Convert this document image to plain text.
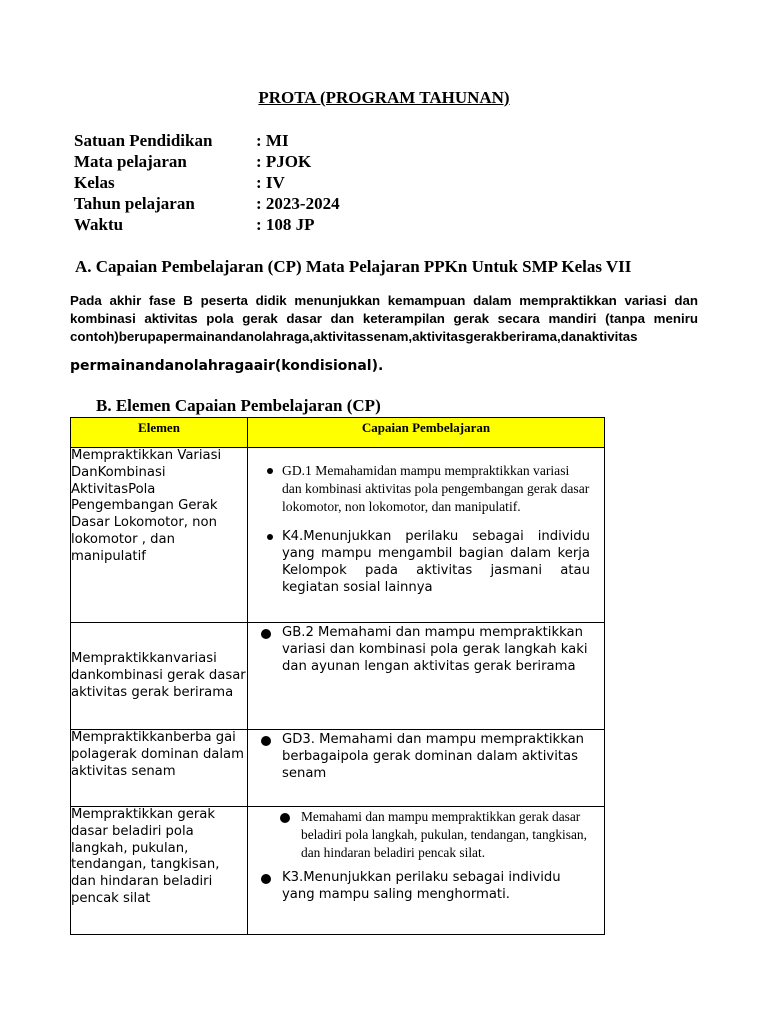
PROTA (PROGRAM TAHUNAN)
Satuan Pendidikan	: MI
Mata pelajaran	: PJOK
Kelas	: IV
Tahun pelajaran	: 2023-2024
Waktu	: 108 JP
A. Capaian Pembelajaran (CP) Mata Pelajaran PPKn Untuk SMP Kelas VII
Pada akhir fase B peserta didik menunjukkan kemampuan dalam mempraktikkan variasi dan kombinasi aktivitas pola gerak dasar dan keterampilan gerak secara mandiri (tanpa meniru contoh)berupapermainandanolahraga,aktivitassenam,aktivitasgerakberirama,danaktivitas
permainandanolahragaair(kondisional).
B. Elemen Capaian Pembelajaran (CP)
Elemen	Capaian Pembelajaran
Mempraktikkan Variasi DanKombinasi AktivitasPola Pengembangan Gerak Dasar Lokomotor, non lokomotor , dan manipulatif	GD.1 Memahamidan mampu mempraktikkan variasi dan kombinasi aktivitas pola pengembangan gerak dasar lokomotor, non lokomotor, dan manipulatif.
K4.Menunjukkan perilaku sebagai individu yang mampu mengambil bagian dalam kerja Kelompok pada aktivitas jasmani atau kegiatan sosial lainnya

Mempraktikkanvariasi dankombinasi gerak dasar aktivitas gerak berirama	GB.2 Memahami dan mampu mempraktikkan variasi dan kombinasi pola gerak langkah kaki dan ayunan lengan aktivitas gerak berirama

Mempraktikkanberba gai polagerak dominan dalam aktivitas senam	GD3. Memahami dan mampu mempraktikkan berbagaipola gerak dominan dalam aktivitas senam

Mempraktikkan gerak dasar beladiri pola langkah, pukulan, tendangan, tangkisan, dan hindaran beladiri pencak silat	Memahami dan mampu mempraktikkan gerak dasar beladiri pola langkah, pukulan, tendangan, tangkisan, dan hindaran beladiri pencak silat.
K3.Menunjukkan perilaku sebagai individu yang mampu saling menghormati.
